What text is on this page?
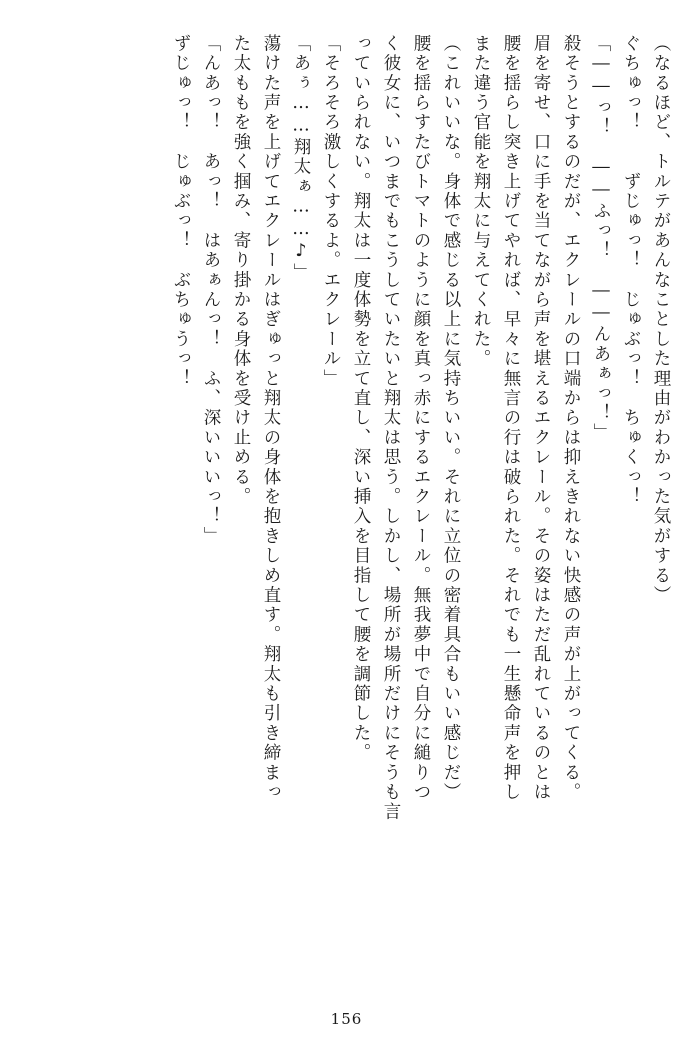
（なるほど、トルテがあんなことした理由がわかった気がする）
ぐちゅっ！　　ずじゅっ！　じゅぶっ！　ちゅくっ！
「――っ！　――ふっ！　――んあぁっ！」
殺そうとするのだが、エクレールの口端からは抑えきれない快感の声が上がってくる。
眉を寄せ、口に手を当てながら声を堪えるエクレール。その姿はただ乱れているのとは
腰を揺らし突き上げてやれば、早々に無言の行は破られた。それでも一生懸命声を押し
また違う官能を翔太に与えてくれた。
（これいいな。身体で感じる以上に気持ちいい。それに立位の密着具合もいい感じだ）
腰を揺らすたびトマトのように顔を真っ赤にするエクレール。無我夢中で自分に縋りつ
く彼女に、いつまでもこうしていたいと翔太は思う。しかし、場所が場所だけにそうも言
っていられない。翔太は一度体勢を立て直し、深い挿入を目指して腰を調節した。
「そろそろ激しくするよ。エクレール」
「あぅ……翔太ぁ……♪」
蕩けた声を上げてエクレールはぎゅっと翔太の身体を抱きしめ直す。翔太も引き締まっ
た太ももを強く掴み、寄り掛かる身体を受け止める。
「んあっ！　あっ！　はあぁんっ！　ふ、深いいいっ！」
ずじゅっ！　じゅぶっ！　ぶちゅうっ！
156
